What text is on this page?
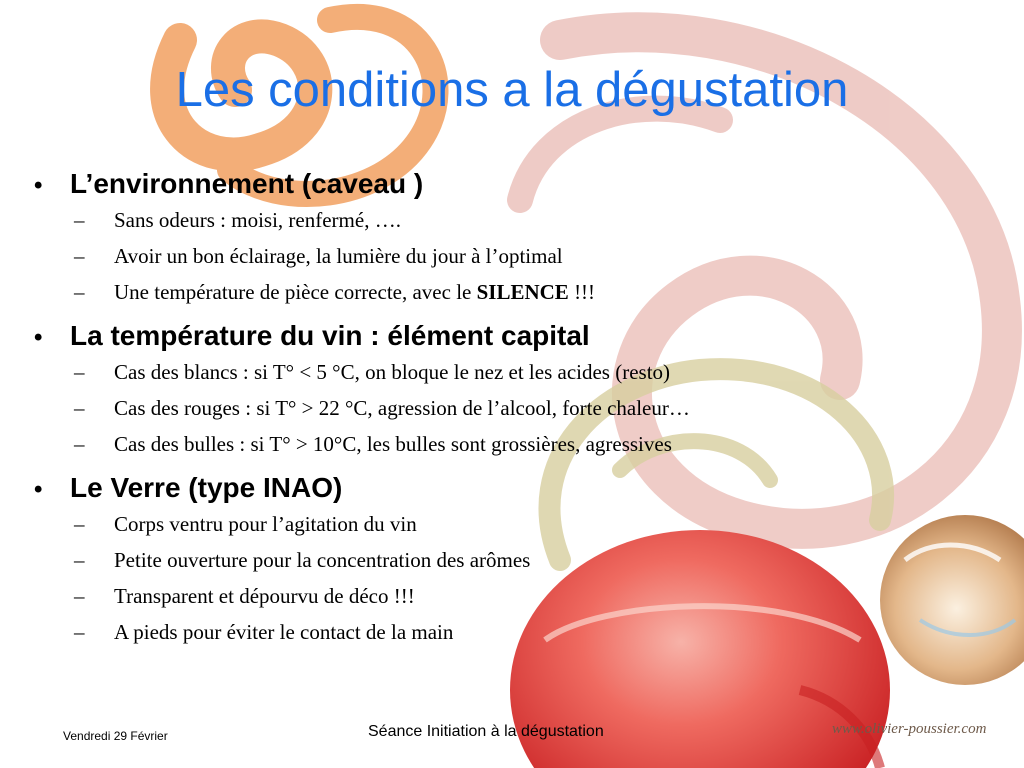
Les conditions a la dégustation
• L’environnement (caveau )
–	Sans odeurs : moisi, renfermé, ….
–	Avoir un bon éclairage, la lumière du jour à l’optimal
–	Une température de pièce correcte, avec le SILENCE !!!
• La température du vin : élément capital
–	Cas des blancs : si T° < 5 °C, on bloque le nez et les acides (resto)
–	Cas des rouges : si T° > 22 °C, agression de l’alcool, forte chaleur…
–	Cas des bulles : si T° > 10°C, les bulles sont grossières, agressives
• Le Verre (type INAO)
–	Corps ventru pour l’agitation du vin
–	Petite ouverture pour la concentration des arômes
–	Transparent et dépourvu de déco !!!
–	A pieds pour éviter le contact de la main
Vendredi 29 Février	Séance Initiation à la dégustation	www.olivier-poussier.com
